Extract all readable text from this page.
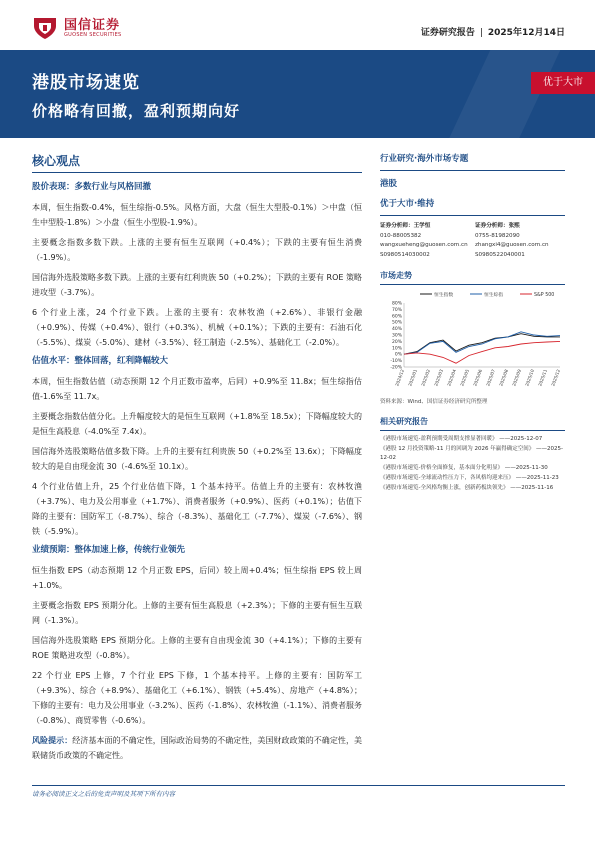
国信证券
GUOSEN SECURITIES	证券研究报告 | 2025年12月14日
港股市场速览
价格略有回撤，盈利预期向好
优于大市
核心观点
股价表现：多数行业与风格回撤

本周，恒生指数-0.4%，恒生综指-0.5%。风格方面，大盘（恒生大型股-0.1%）＞中盘（恒生中型股-1.8%）＞小盘（恒生小型股-1.9%）。

主要概念指数多数下跌。上涨的主要有恒生互联网（+0.4%）；下跌的主要有恒生消费（-1.9%）。

国信海外选股策略多数下跌。上涨的主要有红利贵族 50（+0.2%）；下跌的主要有 ROE 策略进攻型（-3.7%）。

6 个行业上涨，24 个行业下跌。上涨的主要有：农林牧渔（+2.6%）、非银行金融（+0.9%）、传媒（+0.4%）、银行（+0.3%）、机械（+0.1%）；下跌的主要有：石油石化（-5.5%）、煤炭（-5.0%）、建材（-3.5%）、轻工制造（-2.5%）、基础化工（-2.0%）。

估值水平：整体回落，红利降幅较大

本周，恒生指数估值（动态预期 12 个月正数市盈率，后同）+0.9%至 11.8x；恒生综指估值-1.6%至 11.7x。

主要概念指数估值分化。上升幅度较大的是恒生互联网（+1.8%至 18.5x）；下降幅度较大的是恒生高股息（-4.0%至 7.4x）。

国信海外选股策略估值多数下降。上升的主要有红利贵族 50（+0.2%至 13.6x）；下降幅度较大的是自由现金流 30（-4.6%至 10.1x）。

4 个行业估值上升，25 个行业估值下降，1 个基本持平。估值上升的主要有：农林牧渔（+3.7%）、电力及公用事业（+1.7%）、消费者服务（+0.9%）、医药（+0.1%）；估值下降的主要有：国防军工（-8.7%）、综合（-8.3%）、基础化工（-7.7%）、煤炭（-7.6%）、钢铁（-5.9%）。

业绩预期：整体加速上修，传统行业领先

恒生指数 EPS（动态预期 12 个月正数 EPS，后同）较上周+0.4%；恒生综指 EPS 较上周+1.0%。

主要概念指数 EPS 预期分化。上修的主要有恒生高股息（+2.3%）；下修的主要有恒生互联网（-1.3%）。

国信海外选股策略 EPS 预期分化。上修的主要有自由现金流 30（+4.1%）；下修的主要有 ROE 策略进攻型（-0.8%）。

22 个行业 EPS 上修，7 个行业 EPS 下修，1 个基本持平。上修的主要有：国防军工（+9.3%）、综合（+8.9%）、基础化工（+6.1%）、钢铁（+5.4%）、房地产（+4.8%）；下修的主要有：电力及公用事业（-3.2%）、医药（-1.8%）、农林牧渔（-1.1%）、消费者服务（-0.8%）、商贸零售（-0.6%）。

风险提示：经济基本面的不确定性，国际政治局势的不确定性，美国财政政策的不确定性，美联储货币政策的不确定性。

行业研究·海外市场专题
港股
优于大市·维持
证券分析师：王学恒
010-88005382
wangxueheng@guosen.com.cn
S0980514030002
证券分析师：张熙
0755-81982090
zhangxi4@guosen.com.cn
S0980522040001
市场走势
80%
70%
60%
50%
40%
30%
20%
10%
0%
-10%
-20%
2024/12 2025/01 2025/02 2025/03 2025/04 2025/05 2025/06 2025/07 2025/08 2025/09 2025/10 2025/11 2025/12
恒生指数	恒生综指	S&P 500
资料来源：Wind、国信证券经济研究所整理
相关研究报告
《港股市场速览-盈利预期受周期支撑显著回暖》 ——2025-12-07
《港股 12 月投资策略-11 月的回调为 2026 年赢得确定空间》 ——2025-12-02
《港股市场速览-价格全面修复，基本面分化明显》 ——2025-11-30
《港股市场速览-全球流动性压力下，各风格均迎来压》 ——2025-11-23
《港股市场速览-全风格均衡上涨，创新药板块领先》 ——2025-11-16
请务必阅读正文之后的免责声明及其项下所有内容
